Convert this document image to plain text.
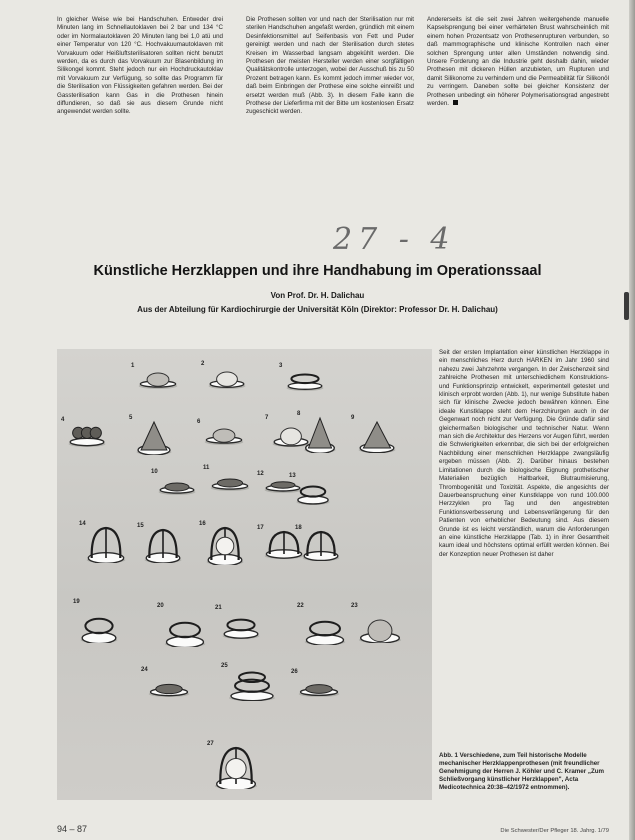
In gleicher Weise wie bei Handschuhen. Entweder drei Minuten lang im Schnellautoklaven bei 2 bar und 134 °C oder im Normalautoklaven 20 Minuten lang bei 1,0 atü und einer Temperatur von 120 °C. Hochvakuumautoklaven mit Vorvakuum oder Heißluftsterilisatoren sollten nicht benutzt werden, da es durch das Vorvakuum zur Blasenbildung im Silikongel kommt. Steht jedoch nur ein Hochdruckautoklav mit Vorvakuum zur Verfügung, so sollte das Programm für die Sterilisation von Flüssigkeiten gefahren werden. Bei der Gassterilisation kann Gas in die Prothesen hinein diffundieren, so daß sie aus diesem Grunde nicht angewendet werden sollte.

Die Prothesen sollten vor und nach der Sterilisation nur mit sterilen Handschuhen angefaßt werden, gründlich mit einem Desinfektionsmittel auf Seifenbasis von Fett und Puder gereinigt werden und nach der Sterilisation durch stetes Kreisen im Wasserbad langsam abgekühlt werden. Die Prothesen der meisten Hersteller werden einer sorgfältigen Qualitätskontrolle unterzogen, wobei der Ausschuß bis zu 50 Prozent betragen kann. Es kommt jedoch immer wieder vor, daß beim Einbringen der Prothese eine solche einreißt und ersetzt werden muß (Abb. 3). In diesem Falle kann die Prothese der Lieferfirma mit der Bitte um kostenlosen Ersatz zugeschickt werden.

Andererseits ist die seit zwei Jahren weitergehende manuelle Kapselsprengung bei einer verhärteten Brust wahrscheinlich mit einem hohen Prozentsatz von Prothesenrupturen verbunden, so daß mammographische und klinische Kontrollen nach einer solchen Sprengung unter allen Umständen notwendig sind. Unsere Forderung an die Industrie geht deshalb dahin, wieder Prothesen mit dickeren Hüllen anzubieten, um Rupturen und damit Silikonome zu verhindern und die Permeabilität für Silikonöl zu verringern. Daneben sollte bei gleicher Konsistenz der Prothesen unbedingt ein höherer Polymerisationsgrad angestrebt werden.

27 - 4
Künstliche Herzklappen und ihre Handhabung im Operationssaal
Von Prof. Dr. H. Dalichau
Aus der Abteilung für Kardiochirurgie der Universität Köln (Direktor: Professor Dr. H. Dalichau)
1	2	3
4	5
6
7
8
9
10
11
12	13
14	15	16
17	18
19
20	21	22	23
24
25
26
27

Seit der ersten Implantation einer künstlichen Herzklappe in ein menschliches Herz durch HARKEN im Jahr 1960 sind nahezu zwei Jahrzehnte vergangen. In der Zwischenzeit sind zahlreiche Prothesen mit unterschiedlichem Konstruktions- und Funktionsprinzip entwickelt, experimentell getestet und klinisch erprobt worden (Abb. 1), nur wenige Substitute haben sich für klinische Zwecke jedoch bewähren können. Eine ideale Kunstklappe steht dem Herzchirurgen auch in der Gegenwart noch nicht zur Verfügung. Die Gründe dafür sind gleichermaßen biologischer und technischer Natur. Wenn man sich die Architektur des Herzens vor Augen führt, werden die Schwierigkeiten erkennbar, die sich bei der erfolgreichen Nachbildung einer menschlichen Herzklappe zwangsläufig ergeben müssen (Abb. 2). Darüber hinaus bestehen Limitationen durch die biologische Eignung prothetischer Materialien bezüglich Haltbarkeit, Blutraumisierung, Thrombogenität und Toxizität. Aspekte, die angesichts der Dauerbeanspruchung einer Kunstklappe von rund 100.000 Herzzyklen pro Tag und den angestrebten Funktionsverbesserung und Lebensverlängerung für den Patienten von erheblicher Bedeutung sind. Aus diesem Grunde ist es leicht verständlich, warum die Anforderungen an eine künstliche Herzklappe (Tab. 1) in ihrer Gesamtheit kaum ideal und höchstens optimal erfüllt werden können. Bei der Konzeption neuer Prothesen ist daher

Abb. 1 Verschiedene, zum Teil historische Modelle mechanischer Herzklappenprothesen (mit freundlicher Genehmigung der Herren J. Köhler und C. Kramer „Zum Schließvorgang künstlicher Herzklappen", Acta Medicotechnica 20:38–42/1972 entnommen).
94 – 87	Die Schwester/Der Pfleger 18. Jahrg. 1/79
